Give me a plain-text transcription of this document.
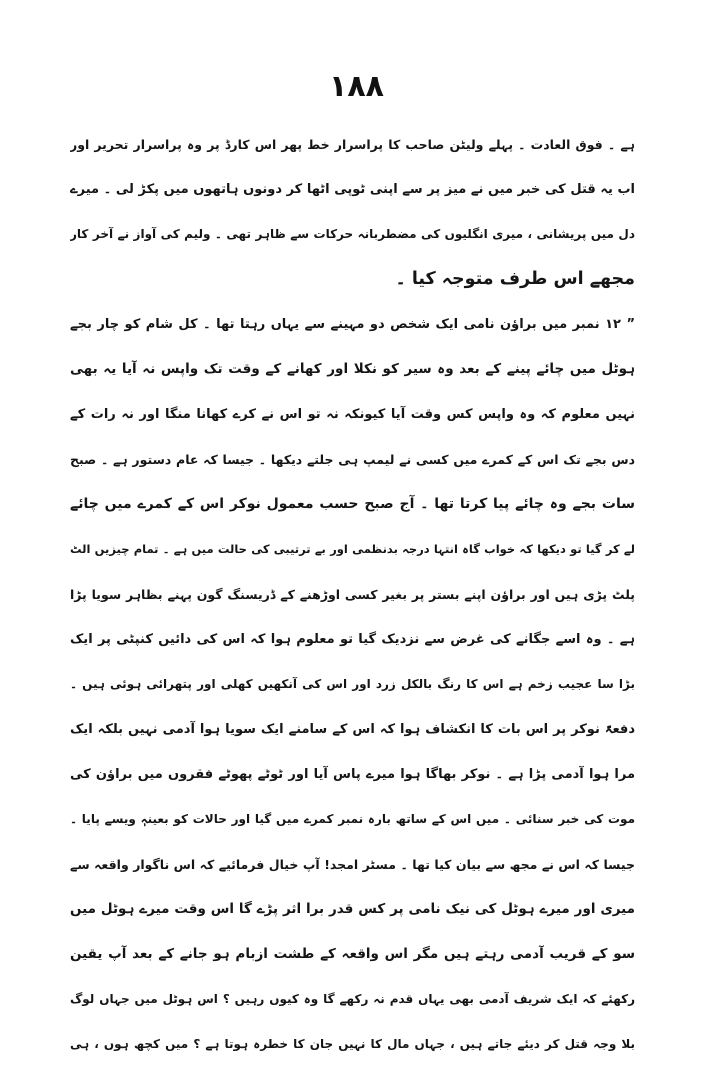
۱۸۸
ہے ۔ فوق العادت ۔ پہلے ولیٹن صاحب کا پراسرار خط پھر اس کارڈ پر وہ پراسرار تحریر اور
اب یہ قتل کی خبر میں نے میز پر سے اپنی ٹوپی اٹھا کر دونوں ہاتھوں میں پکڑ لی ۔ میرے
دل میں پریشانی ، میری انگلیوں کی مضطربانہ حرکات سے ظاہر تھی ۔ ولیم کی آواز نے آخر کار
مجھے اس طرف متوجہ کیا ۔
” ۱۲ نمبر میں براؤن نامی ایک شخص دو مہینے سے یہاں رہتا تھا ۔ کل شام کو چار بجے
ہوٹل میں چائے پینے کے بعد وہ سیر کو نکلا اور کھانے کے وقت تک واپس نہ آیا یہ بھی
نہیں معلوم کہ وہ واپس کس وقت آیا کیونکہ نہ تو اس نے کرے کھانا منگا اور نہ رات کے
دس بجے تک اس کے کمرے میں کسی نے لیمپ ہی جلتے دیکھا ۔ جیسا کہ عام دستور ہے ۔ صبح
سات بجے وہ چائے پیا کرتا تھا ۔ آج صبح حسب معمول نوکر اس کے کمرے میں چائے
لے کر گیا تو دیکھا کہ خواب گاہ انتہا درجہ بدنظمی اور بے ترتیبی کی حالت میں ہے ۔ تمام چیزیں الٹ
پلٹ پڑی ہیں اور براؤن اپنے بستر پر بغیر کسی اوڑھنے کے ڈریسنگ گون پہنے بظاہر سویا پڑا
ہے ۔ وہ اسے جگانے کی غرض سے نزدیک گیا تو معلوم ہوا کہ اس کی دائیں کنپٹی پر ایک
بڑا سا عجیب زخم ہے اس کا رنگ بالکل زرد اور اس کی آنکھیں کھلی اور پتھرائی ہوئی ہیں ۔
دفعۃً نوکر پر اس بات کا انکشاف ہوا کہ اس کے سامنے ایک سویا ہوا آدمی نہیں بلکہ ایک
مرا ہوا آدمی پڑا ہے ۔ نوکر بھاگا ہوا میرے پاس آیا اور ٹوٹے پھوٹے فقروں میں براؤن کی
موت کی خبر سنائی ۔ میں اس کے ساتھ بارہ نمبر کمرے میں گیا اور حالات کو بعینہٖ ویسے پایا ۔
جیسا کہ اس نے مجھ سے بیان کیا تھا ۔ مسٹر امجد! آپ خیال فرمائیے کہ اس ناگوار واقعہ سے
میری اور میرے ہوٹل کی نیک نامی پر کس قدر برا اثر پڑے گا اس وقت میرے ہوٹل میں
سو کے قریب آدمی رہتے ہیں مگر اس واقعہ کے طشت ازبام ہو جانے کے بعد آپ یقین
رکھئے کہ ایک شریف آدمی بھی یہاں قدم نہ رکھے گا وہ کیوں رہیں ؟ اس ہوٹل میں جہاں لوگ
بلا وجہ قتل کر دیئے جاتے ہیں ، جہاں مال کا نہیں جان کا خطرہ ہوتا ہے ؟ میں کچھ ہوں ، ہی
